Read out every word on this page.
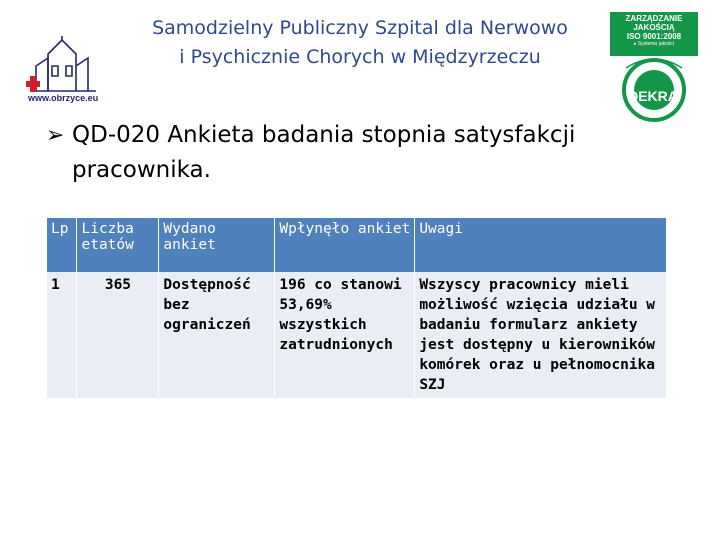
Samodzielny Publiczny Szpital dla Nerwowo
i Psychicznie Chorych w Międzyrzeczu
www.obrzyce.eu
ZARZĄDZANIE
JAKOŚCIĄ
ISO 9001:2008
▸ Systemu jakości
DEKRA
➢ QD-020 Ankieta badania stopnia satysfakcji
pracownika.
Lp	Liczba etatów	Wydano ankiet	Wpłynęło ankiet	Uwagi
1	365	Dostępność bez ograniczeń	196 co stanowi 53,69% wszystkich zatrudnionych	Wszyscy pracownicy mieli możliwość wzięcia udziału w badaniu formularz ankiety jest dostępny u kierowników komórek oraz u pełnomocnika SZJ
